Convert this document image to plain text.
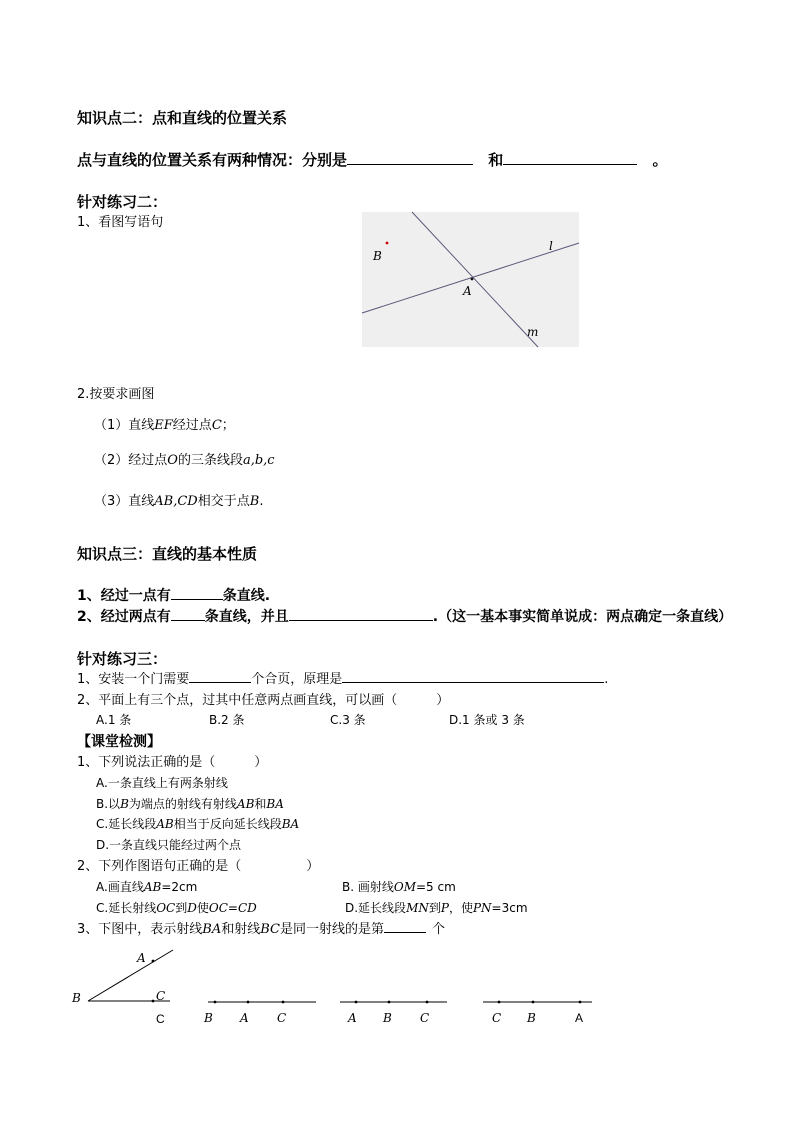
知识点二：点和直线的位置关系
点与直线的位置关系有两种情况：分别是	和	。
针对练习二：
1、看图写语句
B
A
l
m
2.按要求画图
（1）直线EF经过点C；
（2）经过点O的三条线段a,b,c
（3）直线AB,CD相交于点B.
知识点三：直线的基本性质
1、经过一点有	条直线.
2、经过两点有 条直线，并且	.（这一基本事实简单说成：两点确定一条直线）
针对练习三：
1、安装一个门需要	个合页，原理是	.
2、平面上有三个点，过其中任意两点画直线，可以画（　　　）
A.1 条	B.2 条	C.3 条	D.1 条或 3 条
【课堂检测】
1、下列说法正确的是（　　　）
A.一条直线上有两条射线
B.以B为端点的射线有射线AB和BA
C.延长线段AB相当于反向延长线段BA
D.一条直线只能经过两个点
2、下列作图语句正确的是（　　　　　）
A.画直线AB=2cm	B. 画射线OM=5 cm
C.延长射线OC到D使OC=CD	D.延长线段MN到P，使PN=3cm
3、下图中，表示射线BA和射线BC是同一射线的是第	个
A
B	C
C	B A C	A B C	C B	A
